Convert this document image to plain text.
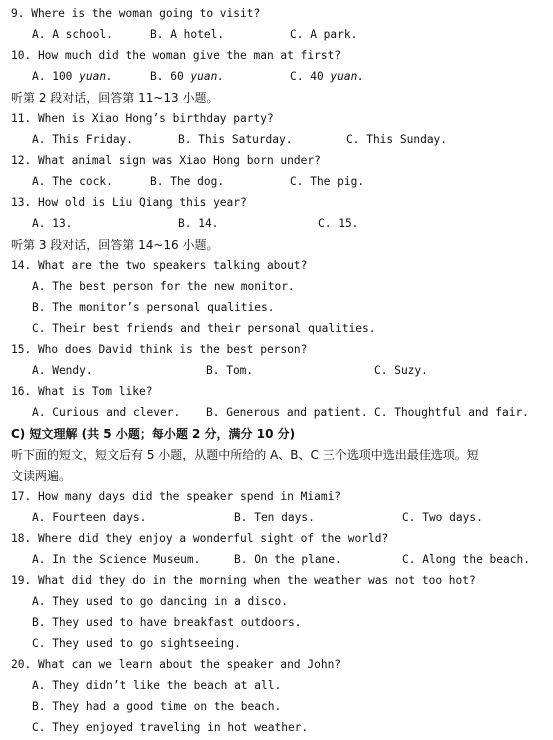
9. Where is the woman going to visit?
A. A school.	B. A hotel.	C. A park.
10. How much did the woman give the man at first?
A. 100 yuan.	B. 60 yuan.	C. 40 yuan.
听第 2 段对话，回答第 11~13 小题。
11. When is Xiao Hong’s birthday party?
A. This Friday.	B. This Saturday.	C. This Sunday.
12. What animal sign was Xiao Hong born under?
A. The cock.	B. The dog.	C. The pig.
13. How old is Liu Qiang this year?
A. 13.	B. 14.	C. 15.
听第 3 段对话，回答第 14~16 小题。
14. What are the two speakers talking about?
A. The best person for the new monitor.
B. The monitor’s personal qualities.
C. Their best friends and their personal qualities.
15. Who does David think is the best person?
A. Wendy.	B. Tom.	C. Suzy.
16. What is Tom like?
A. Curious and clever. B. Generous and patient. C. Thoughtful and fair.
C) 短文理解 (共 5 小题；每小题 2 分，满分 10 分)
听下面的短文，短文后有 5 小题，从题中所给的 A、B、C 三个选项中选出最佳选项。短
文读两遍。
17. How many days did the speaker spend in Miami?
A. Fourteen days.	B. Ten days.	C. Two days.
18. Where did they enjoy a wonderful sight of the world?
A. In the Science Museum.	B. On the plane.	C. Along the beach.
19. What did they do in the morning when the weather was not too hot?
A. They used to go dancing in a disco.
B. They used to have breakfast outdoors.
C. They used to go sightseeing.
20. What can we learn about the speaker and John?
A. They didn’t like the beach at all.
B. They had a good time on the beach.
C. They enjoyed traveling in hot weather.
